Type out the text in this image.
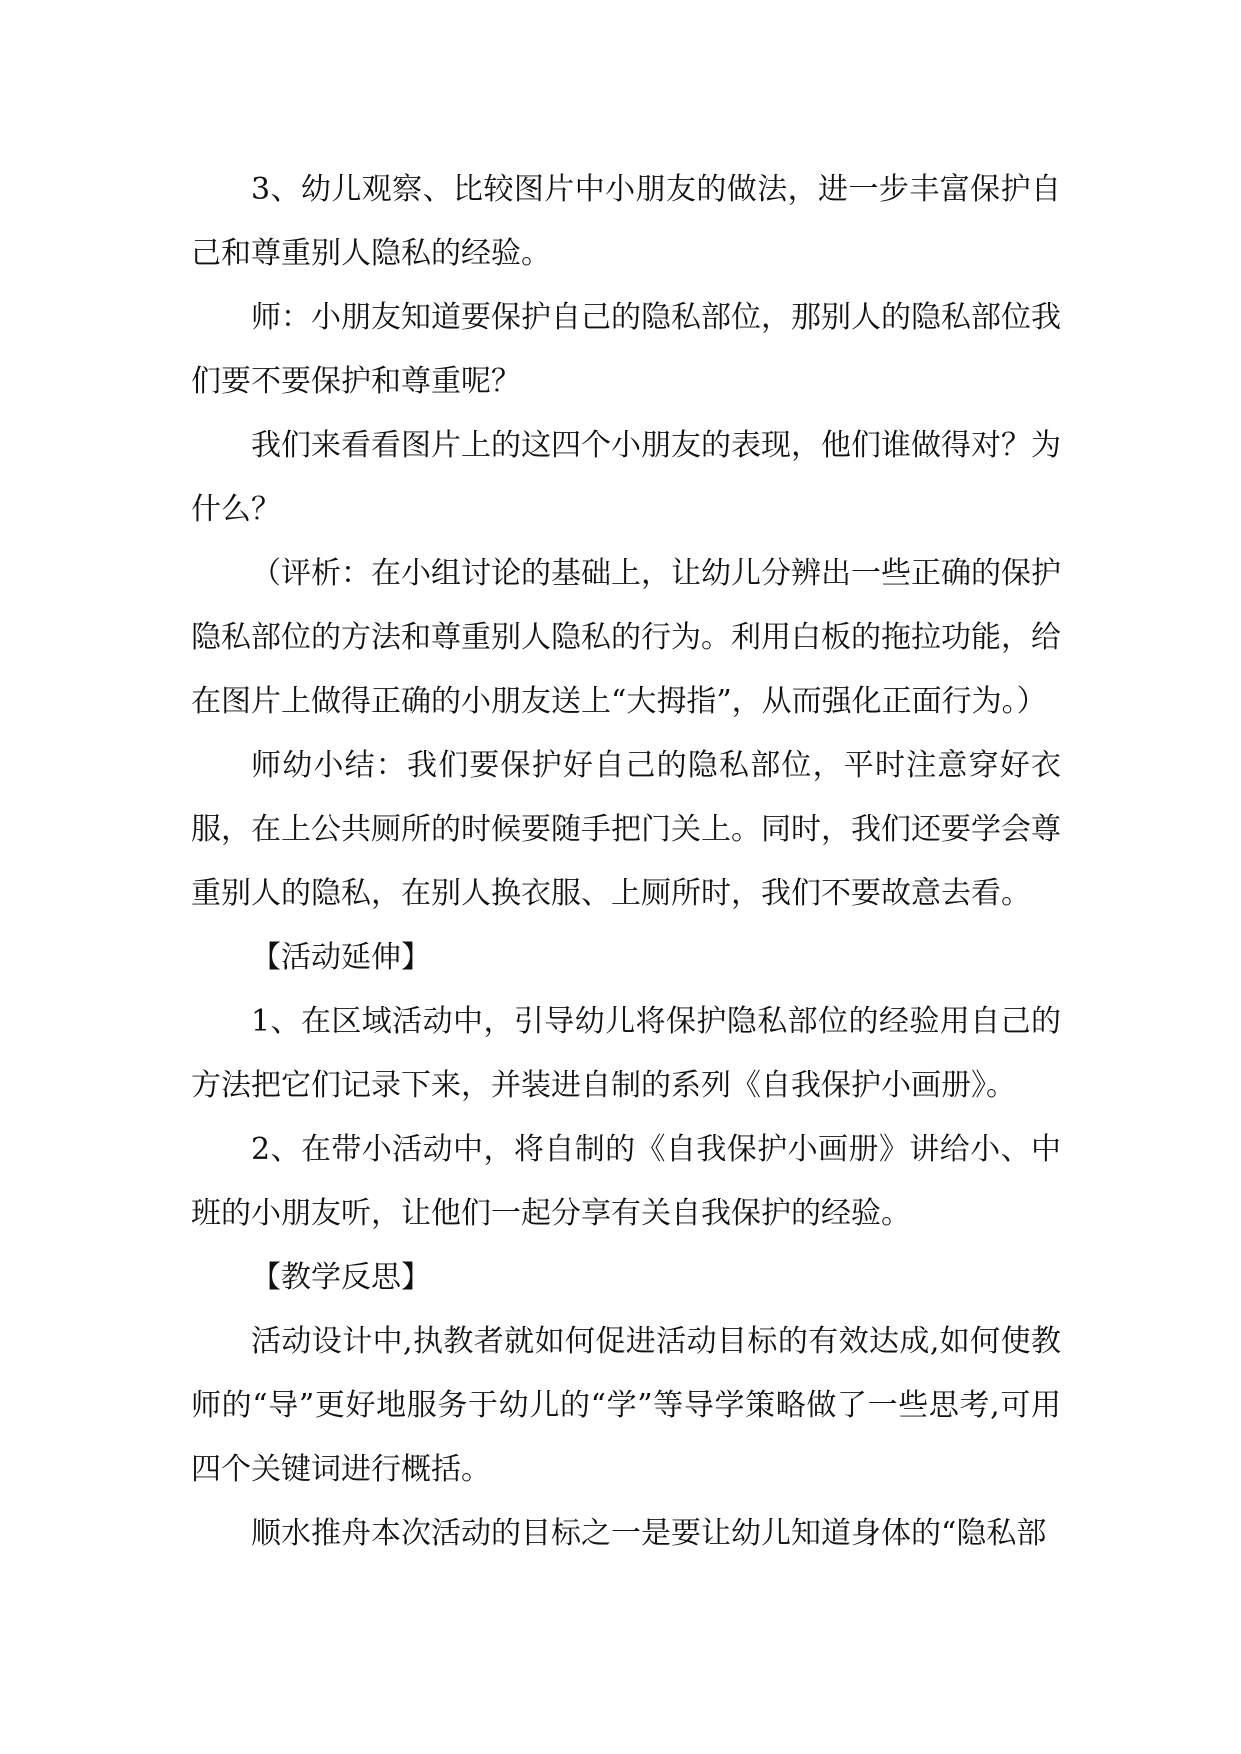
3、幼儿观察、比较图片中小朋友的做法，进一步丰富保护自己和尊重别人隐私的经验。

师：小朋友知道要保护自己的隐私部位，那别人的隐私部位我们要不要保护和尊重呢？

我们来看看图片上的这四个小朋友的表现，他们谁做得对？为什么？

（评析：在小组讨论的基础上，让幼儿分辨出一些正确的保护隐私部位的方法和尊重别人隐私的行为。利用白板的拖拉功能，给在图片上做得正确的小朋友送上“大拇指”，从而强化正面行为。）

师幼小结：我们要保护好自己的隐私部位，平时注意穿好衣服，在上公共厕所的时候要随手把门关上。同时，我们还要学会尊重别人的隐私，在别人换衣服、上厕所时，我们不要故意去看。

【活动延伸】

1、在区域活动中，引导幼儿将保护隐私部位的经验用自己的方法把它们记录下来，并装进自制的系列《自我保护小画册》。

2、在带小活动中，将自制的《自我保护小画册》讲给小、中班的小朋友听，让他们一起分享有关自我保护的经验。

【教学反思】

活动设计中,执教者就如何促进活动目标的有效达成,如何使教师的“导”更好地服务于幼儿的“学”等导学策略做了一些思考,可用四个关键词进行概括。

顺水推舟本次活动的目标之一是要让幼儿知道身体的“隐私部
